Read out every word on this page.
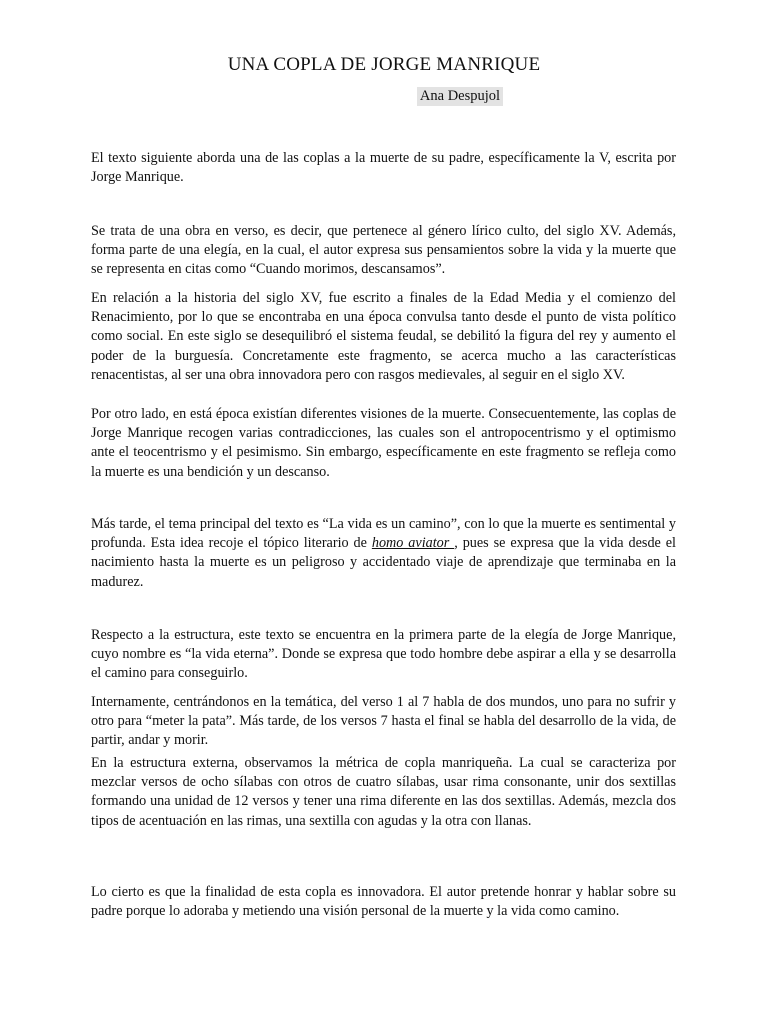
UNA COPLA DE JORGE MANRIQUE
Ana Despujol

El texto siguiente aborda una de las coplas a la muerte de su padre, específicamente la V, escrita por Jorge Manrique.

Se trata de una obra en verso, es decir, que pertenece al género lírico culto, del siglo XV. Además, forma parte de una elegía, en la cual, el autor expresa sus pensamientos sobre la vida y la muerte que se representa en citas como “Cuando morimos, descansamos”.

En relación a la historia del siglo XV, fue escrito a finales de la Edad Media y el comienzo del Renacimiento, por lo que se encontraba en una época convulsa tanto desde el punto de vista político como social. En este siglo se desequilibró el sistema feudal, se debilitó la figura del rey y aumento el poder de la burguesía. Concretamente este fragmento, se acerca mucho a las características renacentistas, al ser una obra innovadora pero con rasgos medievales, al seguir en el siglo XV.

Por otro lado, en está época existían diferentes visiones de la muerte. Consecuentemente, las coplas de Jorge Manrique recogen varias contradicciones, las cuales son el antropocentrismo y el optimismo ante el teocentrismo y el pesimismo. Sin embargo, específicamente en este fragmento se refleja como la muerte es una bendición y un descanso.

Más tarde, el tema principal del texto es “La vida es un camino”, con lo que la muerte es sentimental y profunda. Esta idea recoje el tópico literario de homo aviator , pues se expresa que la vida desde el nacimiento hasta la muerte es un peligroso y accidentado viaje de aprendizaje que terminaba en la madurez.

Respecto a la estructura, este texto se encuentra en la primera parte de la elegía de Jorge Manrique, cuyo nombre es “la vida eterna”. Donde se expresa que todo hombre debe aspirar a ella y se desarrolla el camino para conseguirlo.

Internamente, centrándonos en la temática, del verso 1 al 7 habla de dos mundos, uno para no sufrir y otro para “meter la pata”. Más tarde, de los versos 7 hasta el final se habla del desarrollo de la vida, de partir, andar y morir.

En la estructura externa, observamos la métrica de copla manriqueña. La cual se caracteriza por mezclar versos de ocho sílabas con otros de cuatro sílabas, usar rima consonante, unir dos sextillas formando una unidad de 12 versos y tener una rima diferente en las dos sextillas. Además, mezcla dos tipos de acentuación en las rimas, una sextilla con agudas y la otra con llanas.

Lo cierto es que la finalidad de esta copla es innovadora. El autor pretende honrar y hablar sobre su padre porque lo adoraba y metiendo una visión personal de la muerte y la vida como camino.
